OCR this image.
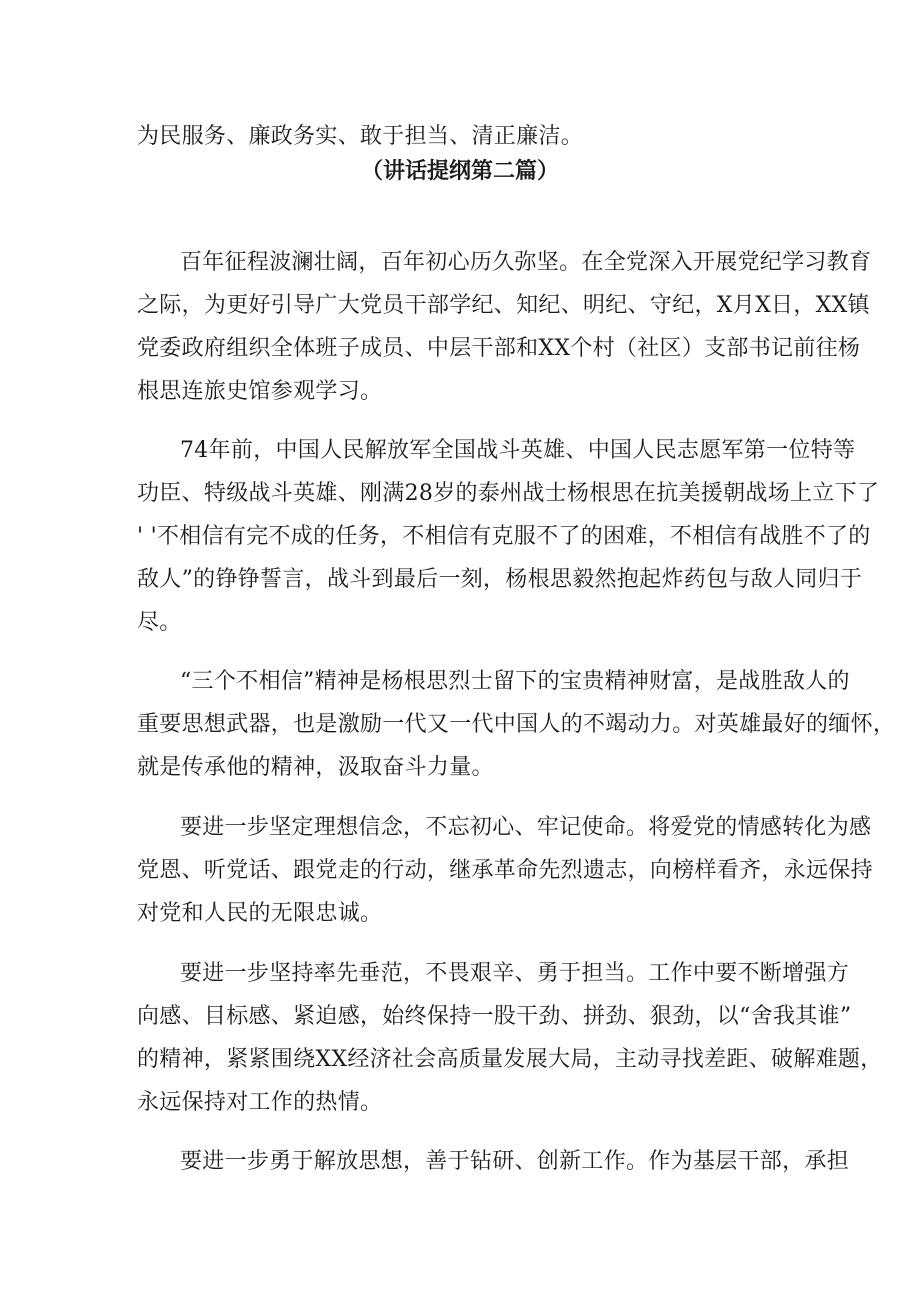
为民服务、廉政务实、敢于担当、清正廉洁。
（讲话提纲第二篇）
百年征程波澜壮阔，百年初心历久弥坚。在全党深入开展党纪学习教育
之际，为更好引导广大党员干部学纪、知纪、明纪、守纪，X月X日，XX镇
党委政府组织全体班子成员、中层干部和XX个村（社区）支部书记前往杨
根思连旅史馆参观学习。
74年前，中国人民解放军全国战斗英雄、中国人民志愿军第一位特等
功臣、特级战斗英雄、刚满28岁的泰州战士杨根思在抗美援朝战场上立下了
' '不相信有完不成的任务，不相信有克服不了的困难，不相信有战胜不了的
敌人”的铮铮誓言，战斗到最后一刻，杨根思毅然抱起炸药包与敌人同归于
尽。
“三个不相信”精神是杨根思烈士留下的宝贵精神财富，是战胜敌人的
重要思想武器，也是激励一代又一代中国人的不竭动力。对英雄最好的缅怀，
就是传承他的精神，汲取奋斗力量。
要进一步坚定理想信念，不忘初心、牢记使命。将爱党的情感转化为感
党恩、听党话、跟党走的行动，继承革命先烈遗志，向榜样看齐，永远保持
对党和人民的无限忠诚。
要进一步坚持率先垂范，不畏艰辛、勇于担当。工作中要不断增强方
向感、目标感、紧迫感，始终保持一股干劲、拼劲、狠劲，以“舍我其谁”
的精神，紧紧围绕XX经济社会高质量发展大局，主动寻找差距、破解难题，
永远保持对工作的热情。
要进一步勇于解放思想，善于钻研、创新工作。作为基层干部，承担
